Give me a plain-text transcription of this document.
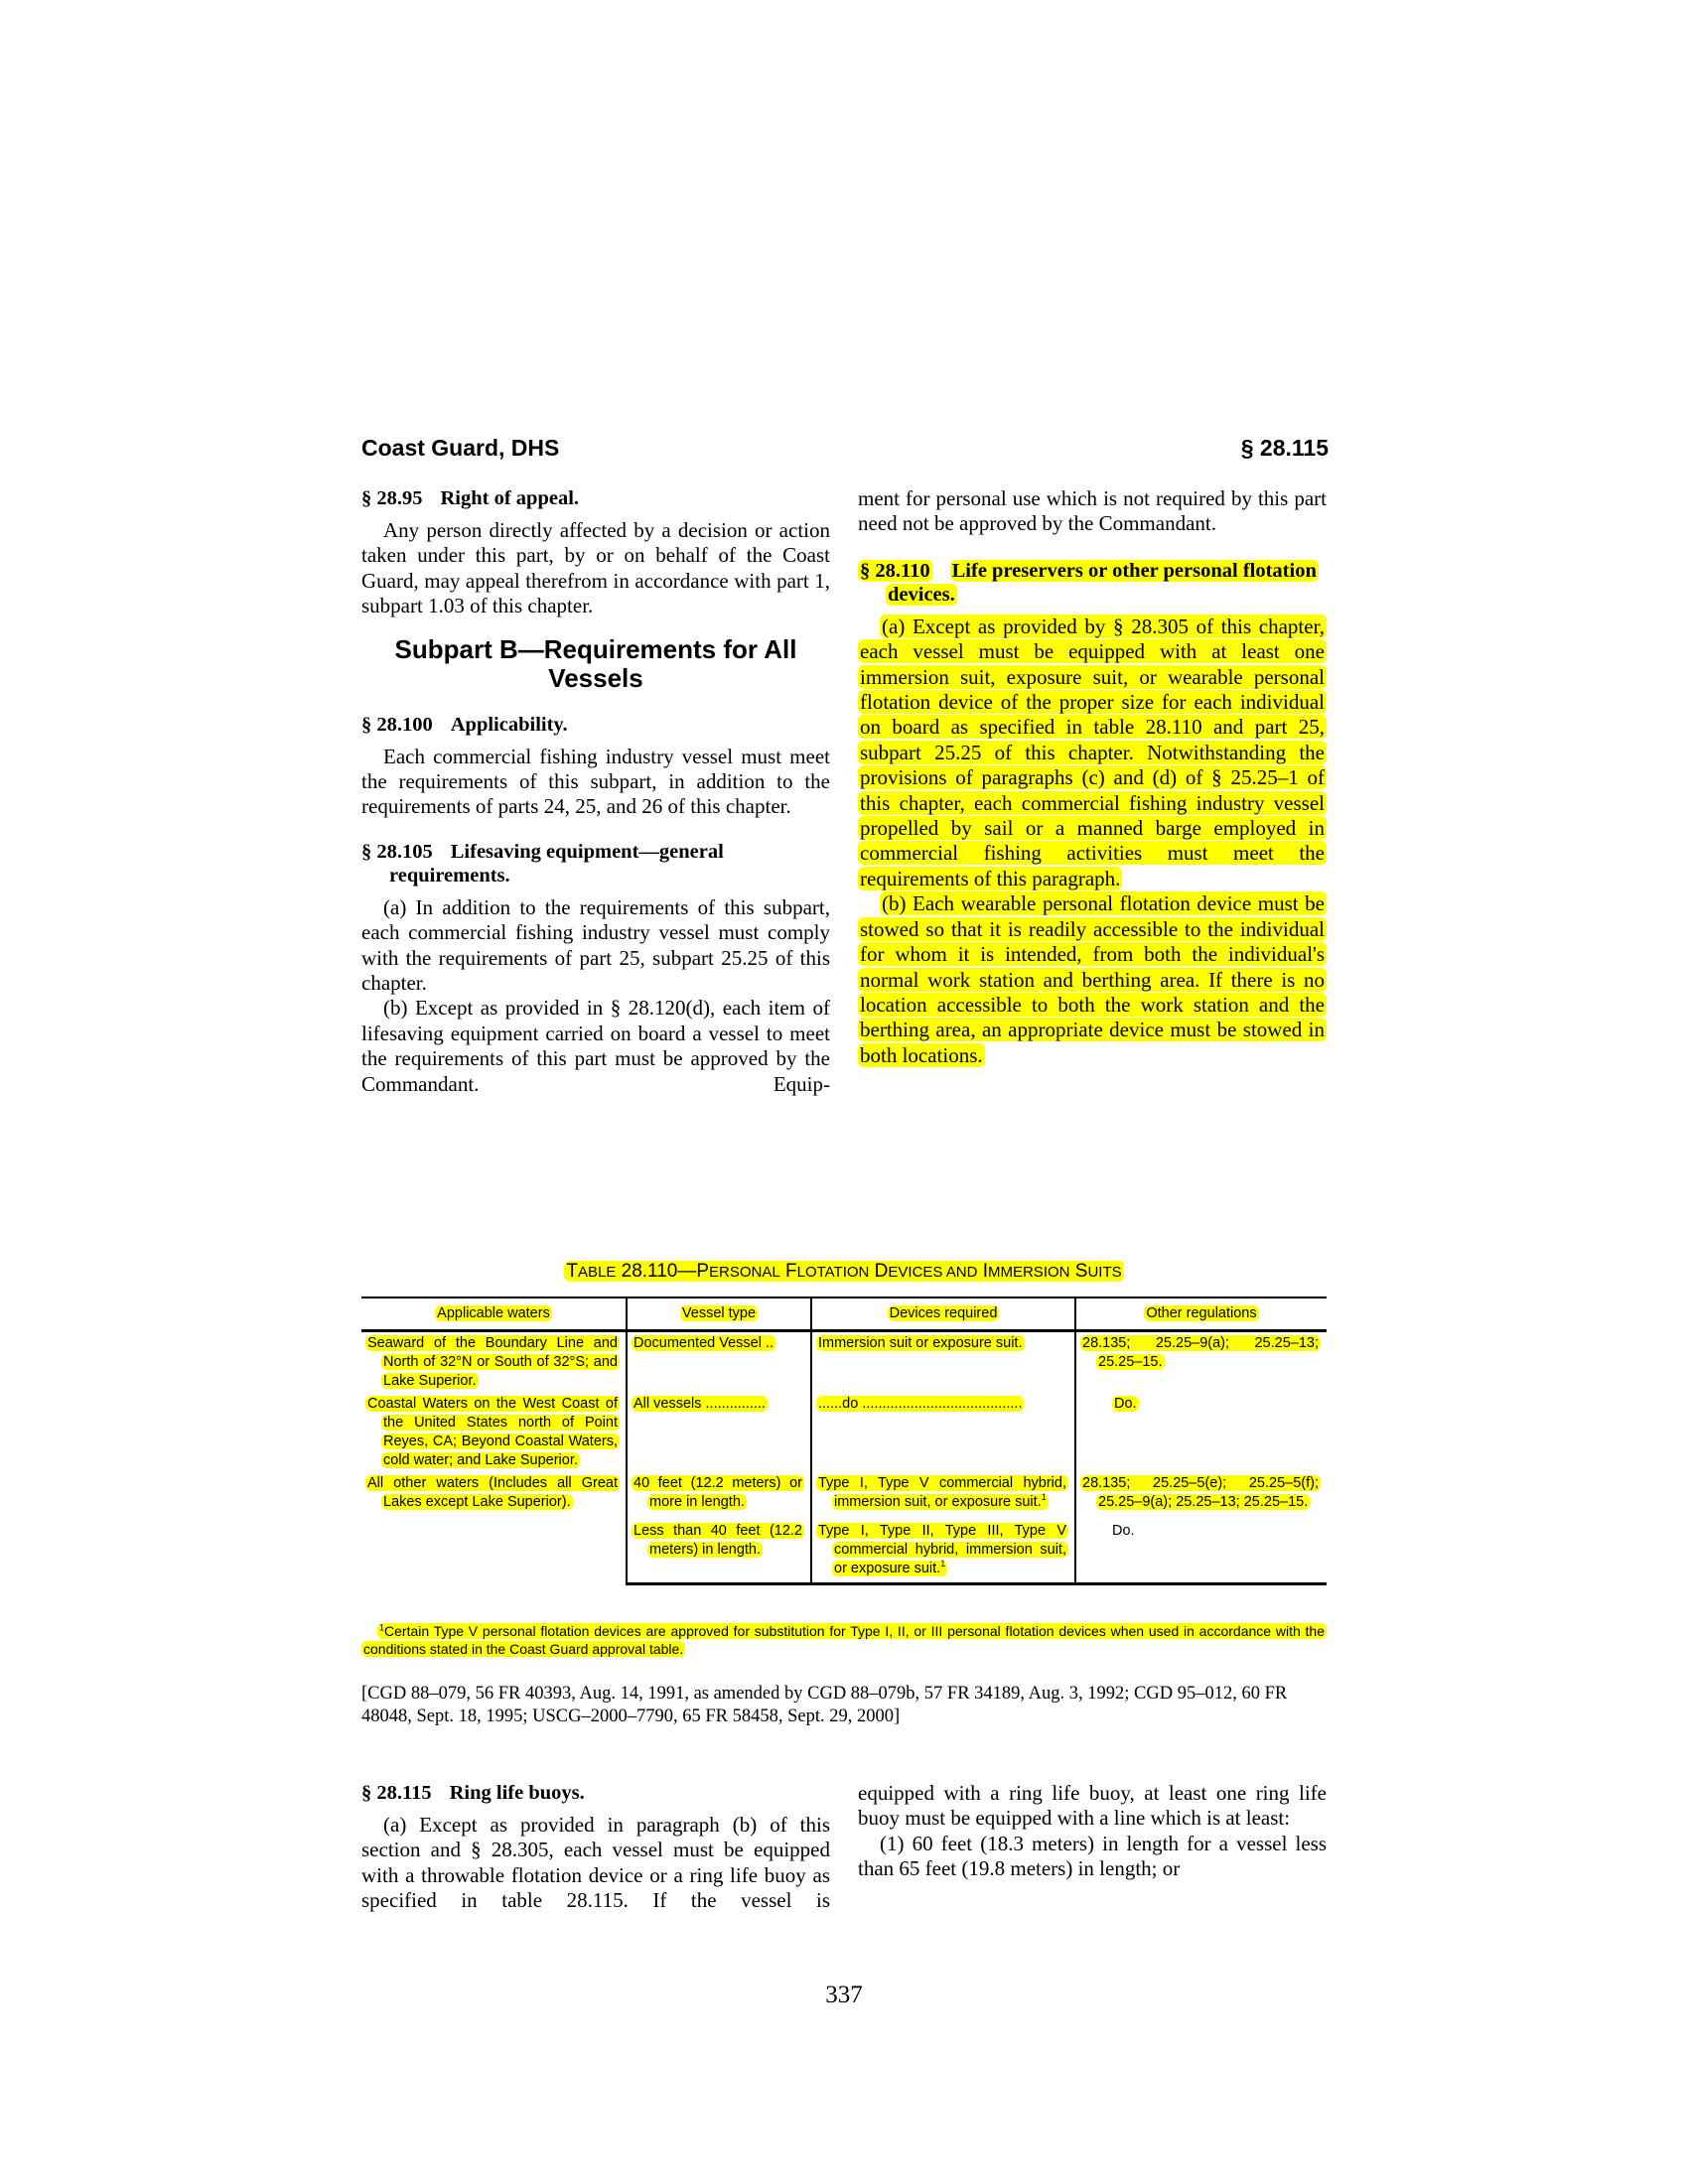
Coast Guard, DHS	§ 28.115
§ 28.95 Right of appeal.

Any person directly affected by a decision or action taken under this part, by or on behalf of the Coast Guard, may appeal therefrom in accordance with part 1, subpart 1.03 of this chapter.

Subpart B—Requirements for All Vessels
§ 28.100 Applicability.

Each commercial fishing industry vessel must meet the requirements of this subpart, in addition to the requirements of parts 24, 25, and 26 of this chapter.

§ 28.105 Lifesaving equipment—general requirements.

(a) In addition to the requirements of this subpart, each commercial fishing industry vessel must comply with the requirements of part 25, subpart 25.25 of this chapter.

(b) Except as provided in § 28.120(d), each item of lifesaving equipment carried on board a vessel to meet the requirements of this part must be approved by the Commandant. Equip-

ment for personal use which is not required by this part need not be approved by the Commandant.

§ 28.110 Life preservers or other personal flotation devices.

(a) Except as provided by § 28.305 of this chapter, each vessel must be equipped with at least one immersion suit, exposure suit, or wearable personal flotation device of the proper size for each individual on board as specified in table 28.110 and part 25, subpart 25.25 of this chapter. Notwithstanding the provisions of paragraphs (c) and (d) of § 25.25–1 of this chapter, each commercial fishing industry vessel propelled by sail or a manned barge employed in commercial fishing activities must meet the requirements of this paragraph.

(b) Each wearable personal flotation device must be stowed so that it is readily accessible to the individual for whom it is intended, from both the individual's normal work station and berthing area. If there is no location accessible to both the work station and the berthing area, an appropriate device must be stowed in both locations.

TABLE 28.110—PERSONAL FLOTATION DEVICES AND IMMERSION SUITS
Applicable waters	Vessel type	Devices required	Other regulations

Seaward of the Boundary Line and North of 32°N or South of 32°S; and Lake Superior.	Documented Vessel ..	Immersion suit or exposure suit.	28.135; 25.25–9(a); 25.25–13; 25.25–15.

Coastal Waters on the West Coast of the United States north of Point Reyes, CA; Beyond Coastal Waters, cold water; and Lake Superior.	All vessels ...............	......do ........................................	Do.

All other waters (Includes all Great Lakes except Lake Superior).	40 feet (12.2 meters) or more in length.	Type I, Type V commercial hybrid, immersion suit, or exposure suit.$^1$	28.135; 25.25–5(e); 25.25–5(f); 25.25–9(a); 25.25–13; 25.25–15.

	Less than 40 feet (12.2 meters) in length.	Type I, Type II, Type III, Type V commercial hybrid, immersion suit, or exposure suit.$^1$	Do.
$^1$Certain Type V personal flotation devices are approved for substitution for Type I, II, or III personal flotation devices when used in accordance with the conditions stated in the Coast Guard approval table.
[CGD 88–079, 56 FR 40393, Aug. 14, 1991, as amended by CGD 88–079b, 57 FR 34189, Aug. 3, 1992; CGD 95–012, 60 FR 48048, Sept. 18, 1995; USCG–2000–7790, 65 FR 58458, Sept. 29, 2000]
§ 28.115 Ring life buoys.

(a) Except as provided in paragraph (b) of this section and § 28.305, each vessel must be equipped with a throwable flotation device or a ring life buoy as specified in table 28.115. If the vessel is

equipped with a ring life buoy, at least one ring life buoy must be equipped with a line which is at least:

(1) 60 feet (18.3 meters) in length for a vessel less than 65 feet (19.8 meters) in length; or

337
